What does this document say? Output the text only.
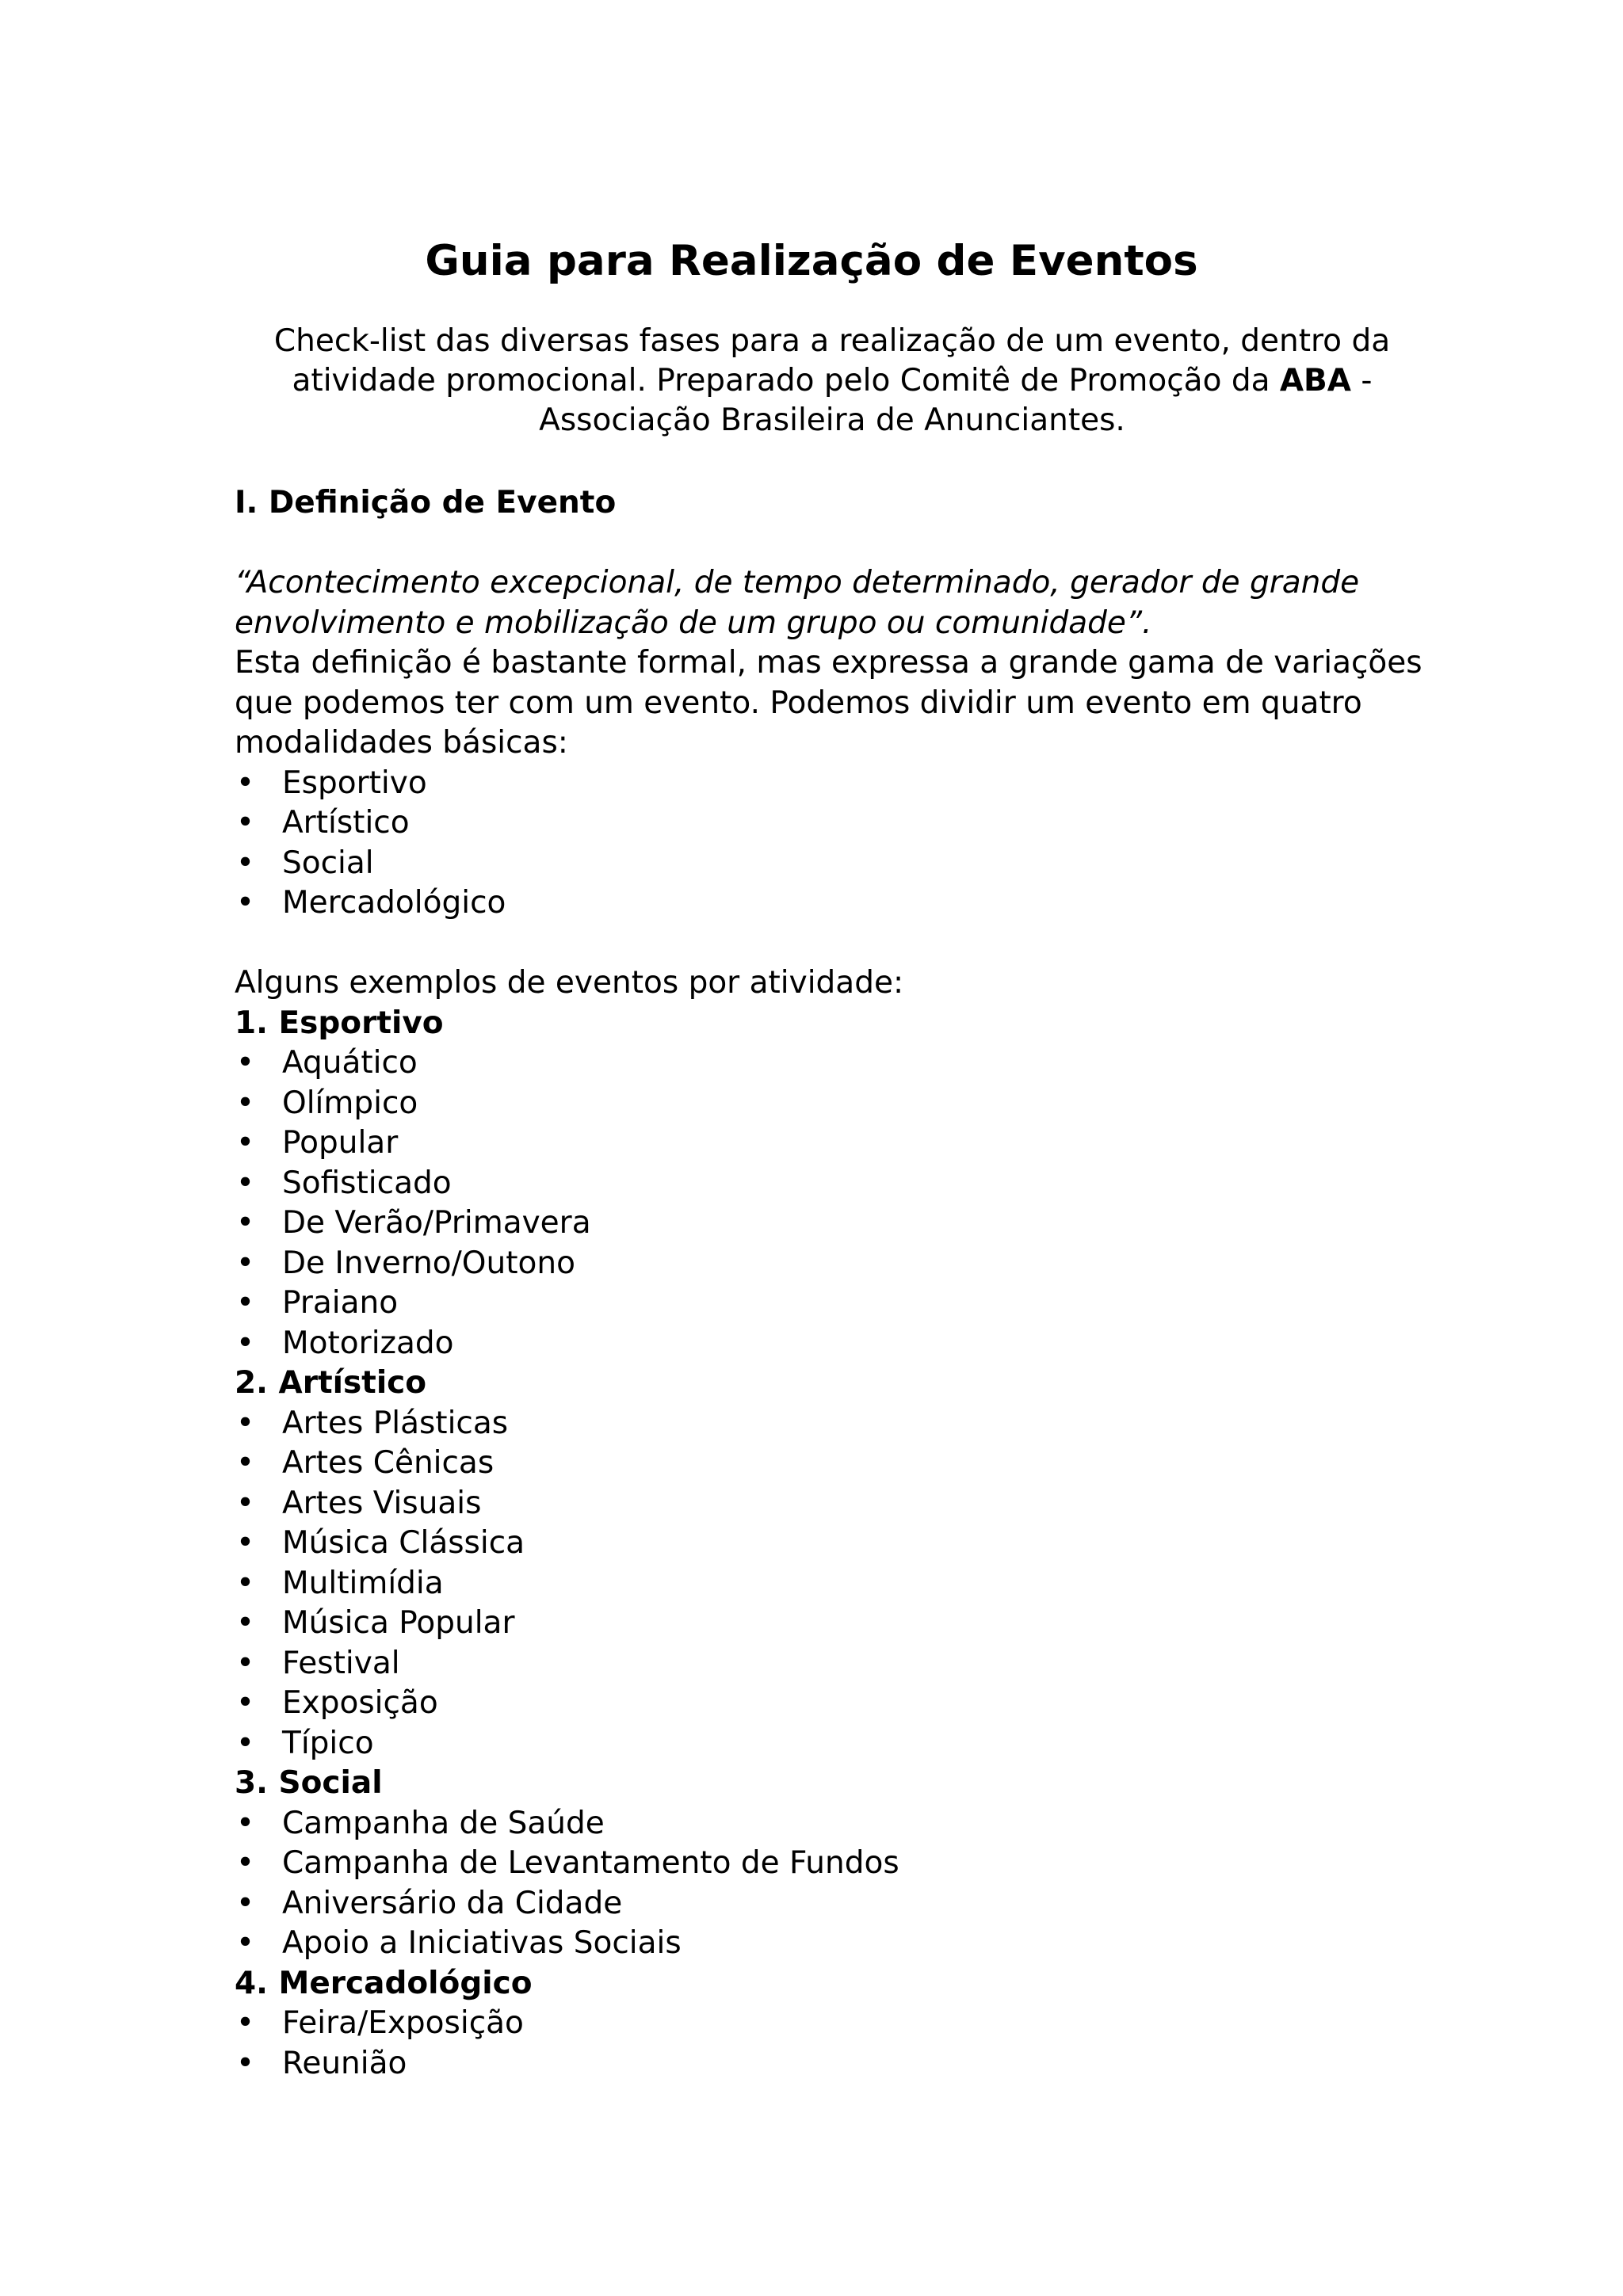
Guia para Realização de Eventos

Check-list das diversas fases para a realização de um evento, dentro da atividade promocional. Preparado pelo Comitê de Promoção da ABA - Associação Brasileira de Anunciantes.

I. Definição de Evento

“Acontecimento excepcional, de tempo determinado, gerador de grande envolvimento e mobilização de um grupo ou comunidade”.

Esta definição é bastante formal, mas expressa a grande gama de variações que podemos ter com um evento. Podemos dividir um evento em quatro modalidades básicas:

• Esportivo
• Artístico
• Social
• Mercadológico

Alguns exemplos de eventos por atividade:

1. Esportivo

• Aquático
• Olímpico
• Popular
• Sofisticado
• De Verão/Primavera
• De Inverno/Outono
• Praiano
• Motorizado

2. Artístico

• Artes Plásticas
• Artes Cênicas
• Artes Visuais
• Música Clássica
• Multimídia
• Música Popular
• Festival
• Exposição
• Típico

3. Social

• Campanha de Saúde
• Campanha de Levantamento de Fundos
• Aniversário da Cidade
• Apoio a Iniciativas Sociais

4. Mercadológico

• Feira/Exposição
• Reunião
